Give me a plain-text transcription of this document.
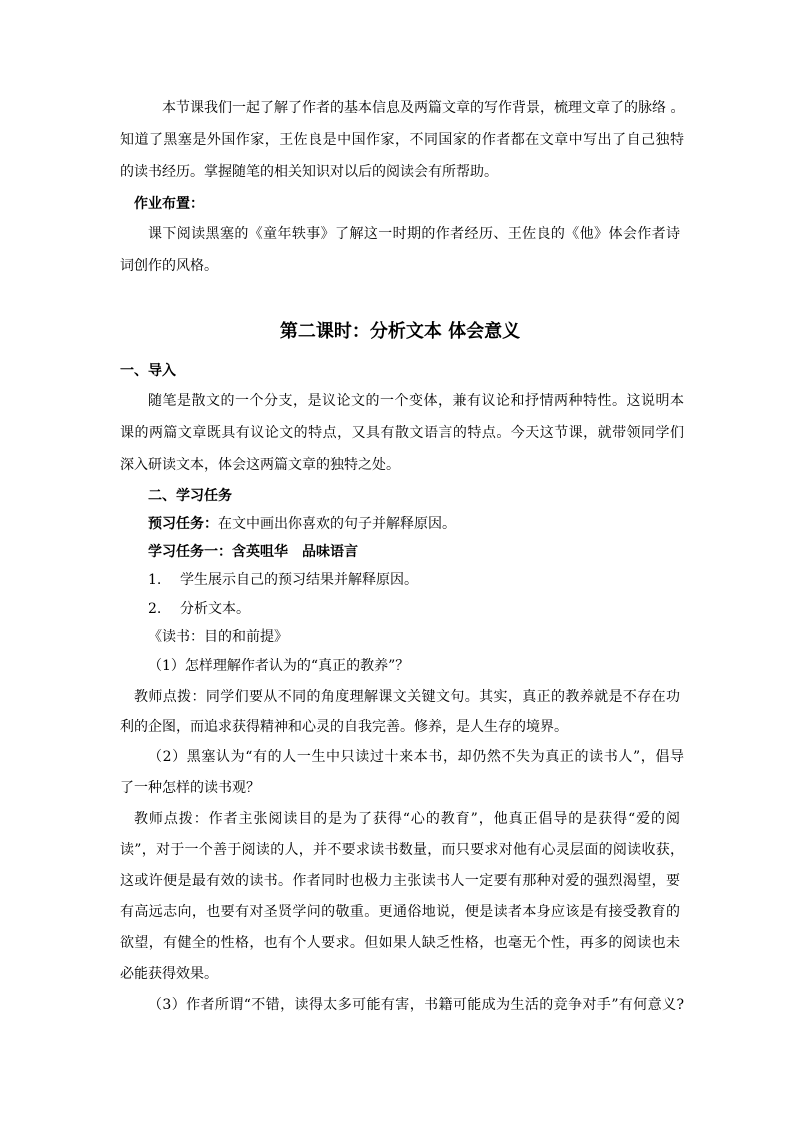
本节课我们一起了解了作者的基本信息及两篇文章的写作背景，梳理文章了的脉络 。
知道了黑塞是外国作家，王佐良是中国作家，不同国家的作者都在文章中写出了自己独特
的读书经历。掌握随笔的相关知识对以后的阅读会有所帮助。
作业布置：
课下阅读黑塞的《童年轶事》了解这一时期的作者经历、王佐良的《他》体会作者诗
词创作的风格。
第二课时：分析文本 体会意义
一、导入
随笔是散文的一个分支，是议论文的一个变体，兼有议论和抒情两种特性。这说明本
课的两篇文章既具有议论文的特点，又具有散文语言的特点。今天这节课，就带领同学们
深入研读文本，体会这两篇文章的独特之处。
二、学习任务
预习任务：在文中画出你喜欢的句子并解释原因。
学习任务一：含英咀华　品味语言
1. 学生展示自己的预习结果并解释原因。
2. 分析文本。
《读书：目的和前提》
（1）怎样理解作者认为的“真正的教养”？
教师点拨：同学们要从不同的角度理解课文关键文句。其实，真正的教养就是不存在功
利的企图，而追求获得精神和心灵的自我完善。修养，是人生存的境界。
（2）黑塞认为“有的人一生中只读过十来本书，却仍然不失为真正的读书人”，倡导
了一种怎样的读书观？
教师点拨：作者主张阅读目的是为了获得“心的教育”，他真正倡导的是获得“爱的阅
读”，对于一个善于阅读的人，并不要求读书数量，而只要求对他有心灵层面的阅读收获，
这或许便是最有效的读书。作者同时也极力主张读书人一定要有那种对爱的强烈渴望，要
有高远志向，也要有对圣贤学问的敬重。更通俗地说，便是读者本身应该是有接受教育的
欲望，有健全的性格，也有个人要求。但如果人缺乏性格，也毫无个性，再多的阅读也未
必能获得效果。
（3）作者所谓“不错，读得太多可能有害，书籍可能成为生活的竞争对手”有何意义?
